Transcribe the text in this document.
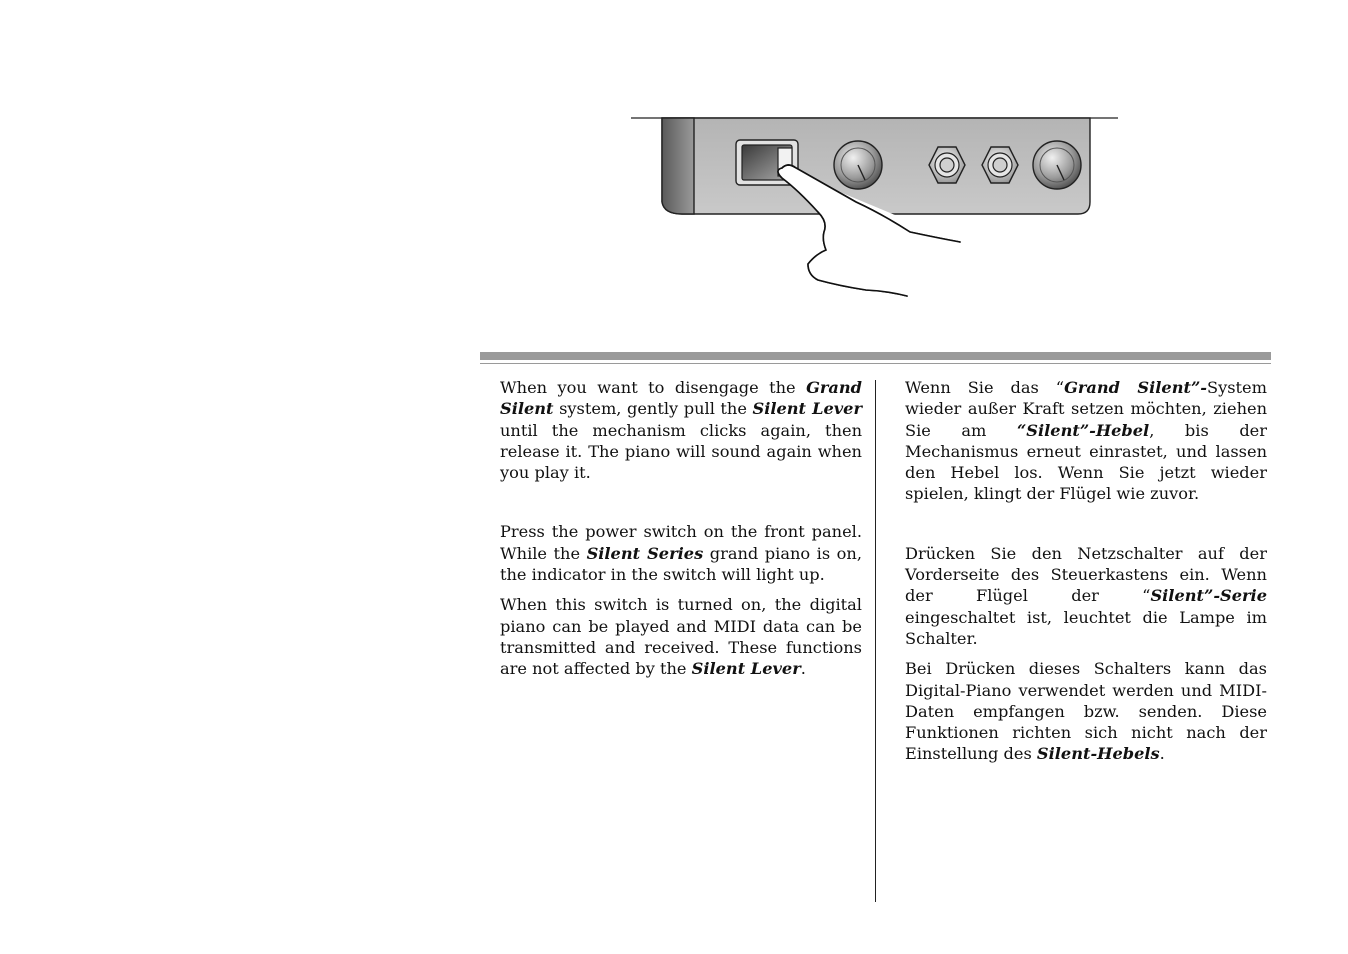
When you want to disengage the Grand Silent system, gently pull the Silent Lever until the mechanism clicks again, then release it. The piano will sound again when you play it.

Press the power switch on the front panel. While the Silent Series grand piano is on, the indicator in the switch will light up.

When this switch is turned on, the digital piano can be played and MIDI data can be transmitted and received. These functions are not affected by the Silent Lever.

Wenn Sie das “Grand Silent”-System wieder außer Kraft setzen möchten, ziehen Sie am “Silent”-Hebel, bis der Mechanismus erneut einrastet, und lassen den Hebel los. Wenn Sie jetzt wieder spielen, klingt der Flügel wie zuvor.

Drücken Sie den Netzschalter auf der Vorderseite des Steuerkastens ein. Wenn der Flügel der “Silent”-Serie eingeschaltet ist, leuchtet die Lampe im Schalter.

Bei Drücken dieses Schalters kann das Digital-Piano verwendet werden und MIDI-Daten empfangen bzw. senden. Diese Funktionen richten sich nicht nach der Einstellung des Silent-Hebels.
